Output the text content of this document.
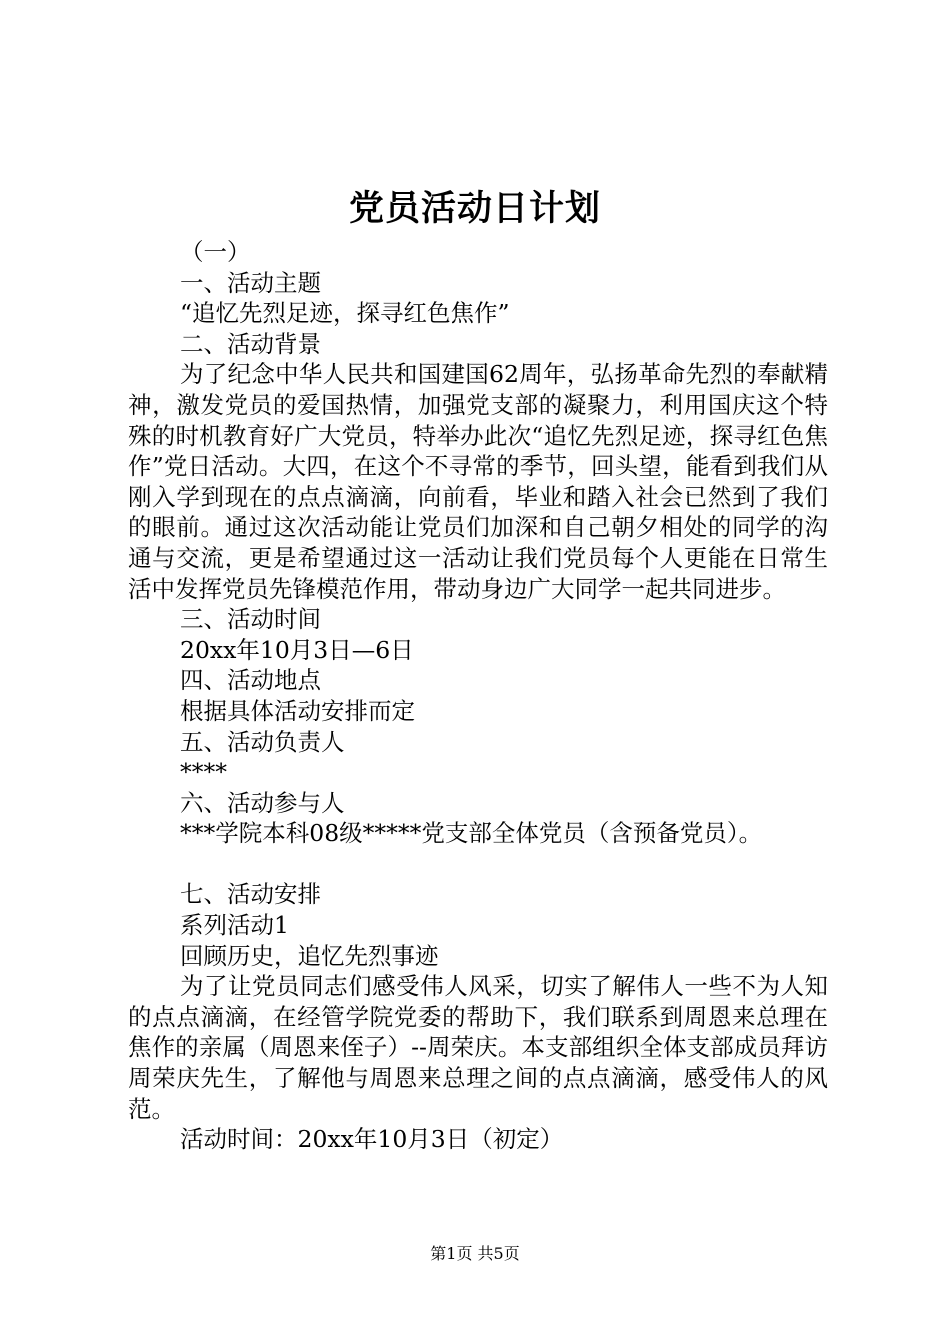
党员活动日计划
（一）
一、活动主题
“追忆先烈足迹，探寻红色焦作”
二、活动背景
为了纪念中华人民共和国建国62周年，弘扬革命先烈的奉献精神，激发党员的爱国热情，加强党支部的凝聚力，利用国庆这个特殊的时机教育好广大党员，特举办此次“追忆先烈足迹，探寻红色焦作”党日活动。大四，在这个不寻常的季节，回头望，能看到我们从刚入学到现在的点点滴滴，向前看，毕业和踏入社会已然到了我们的眼前。通过这次活动能让党员们加深和自己朝夕相处的同学的沟通与交流，更是希望通过这一活动让我们党员每个人更能在日常生活中发挥党员先锋模范作用，带动身边广大同学一起共同进步。
三、活动时间
20xx年10月3日—6日
四、活动地点
根据具体活动安排而定
五、活动负责人
****
六、活动参与人
***学院本科08级*****党支部全体党员（含预备党员）。
七、活动安排
系列活动1
回顾历史，追忆先烈事迹
为了让党员同志们感受伟人风采，切实了解伟人一些不为人知的点点滴滴，在经管学院党委的帮助下，我们联系到周恩来总理在焦作的亲属（周恩来侄子）--周荣庆。本支部组织全体支部成员拜访周荣庆先生，了解他与周恩来总理之间的点点滴滴，感受伟人的风范。
活动时间：20xx年10月3日（初定）
第1页 共5页
